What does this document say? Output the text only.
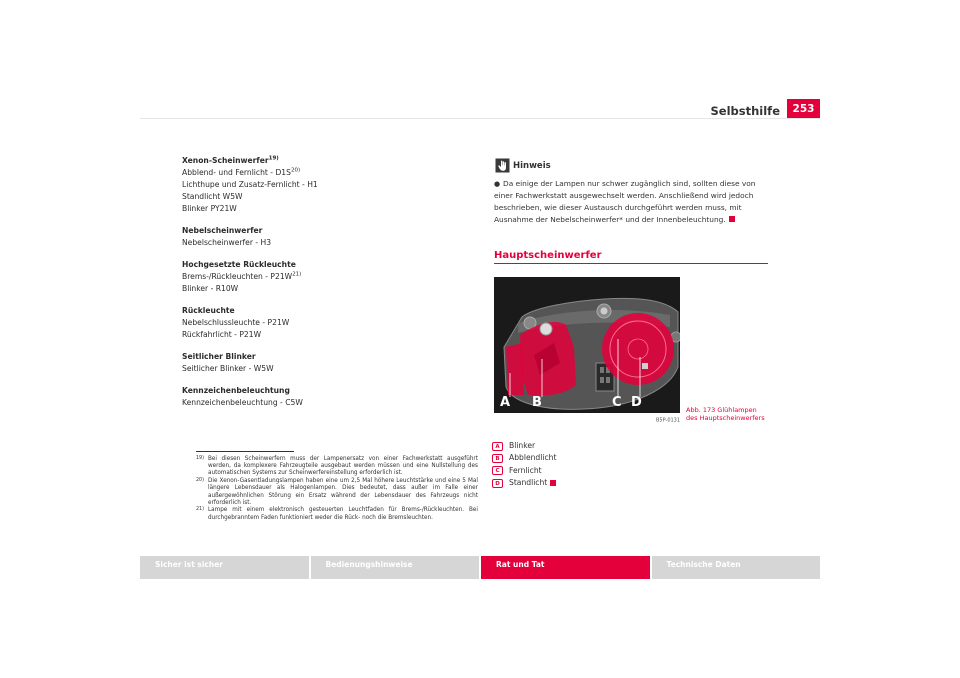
Selbsthilfe	253
Xenon-Scheinwerfer$^{19)}$
Abblend- und Fernlicht - $D1S^{20)}$
Lichthupe und Zusatz-Fernlicht - H1
Standlicht W5W
Blinker PY21W
Nebelscheinwerfer
Nebelscheinwerfer - H3
Hochgesetzte Rückleuchte
Brems-/Rückleuchten - $P21W^{21)}$
Blinker - R10W
Rückleuchte
Nebelschlussleuchte - P21W
Rückfahrlicht - P21W
Seitlicher Blinker
Seitlicher Blinker - W5W
Kennzeichenbeleuchtung
Kennzeichenbeleuchtung - C5W
19) Bei diesen Scheinwerfern muss der Lampenersatz von einer Fachwerkstatt ausgeführt werden, da komplexere Fahrzeugteile ausgebaut werden müssen und eine Nullstellung des automatischen Systems zur Scheinwerfereinstellung erforderlich ist.
20) Die Xenon-Gasentladungslampen haben eine um 2,5 Mal höhere Leuchtstärke und eine 5 Mal längere Lebensdauer als Halogenlampen. Dies bedeutet, dass außer im Falle einer außergewöhnlichen Störung ein Ersatz während der Lebensdauer des Fahrzeugs nicht erforderlich ist.
21) Lampe mit einem elektronisch gesteuerten Leuchtfaden für Brems-/Rückleuchten. Bei durchgebranntem Faden funktioniert weder die Rück- noch die Bremsleuchten.
Hinweis
● Da einige der Lampen nur schwer zugänglich sind, sollten diese von einer Fachwerkstatt ausgewechselt werden. Anschließend wird jedoch beschrieben, wie dieser Austausch durchgeführt werden muss, mit Ausnahme der Nebelscheinwerfer* und der Innenbeleuchtung.
Hauptscheinwerfer
B5P-0131
A B	C D	Abb. 173 Glühlampen
des Hauptscheinwerfers
A	Blinker
B	Abblendlicht
C	Fernlicht
D	Standlicht
Sicher ist sicher	Bedienungshinweise	Rat und Tat	Technische Daten
